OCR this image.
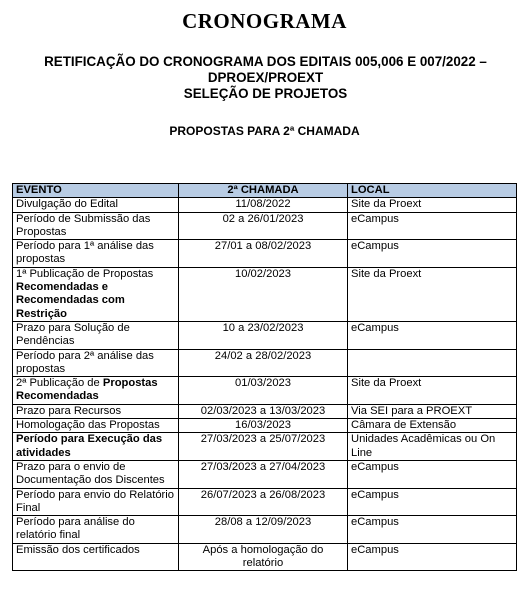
CRONOGRAMA
RETIFICAÇÃO DO CRONOGRAMA DOS EDITAIS 005,006 E 007/2022 –
DPROEX/PROEXT
SELEÇÃO DE PROJETOS
PROPOSTAS PARA 2ª CHAMADA
EVENTO	2ª CHAMADA	LOCAL
Divulgação do Edital	11/08/2022	Site da Proext
Período de Submissão das Propostas	02 a 26/01/2023	eCampus
Período para 1ª análise das propostas	27/01 a 08/02/2023	eCampus
1ª Publicação de Propostas Recomendadas e Recomendadas com Restrição	10/02/2023	Site da Proext
Prazo para Solução de Pendências	10 a 23/02/2023	eCampus
Período para 2ª análise das propostas	24/02 a 28/02/2023	
2ª Publicação de Propostas Recomendadas	01/03/2023	Site da Proext
Prazo para Recursos	02/03/2023 a 13/03/2023	Via SEI para a PROEXT
Homologação das Propostas	16/03/2023	Câmara de Extensão
Período para Execução das atividades	27/03/2023 a 25/07/2023	Unidades Acadêmicas ou On Line
Prazo para o envio de Documentação dos Discentes	27/03/2023 a 27/04/2023	eCampus
Período para envio do Relatório Final	26/07/2023 a 26/08/2023	eCampus
Período para análise do relatório final	28/08 a 12/09/2023	eCampus
Emissão dos certificados	Após a homologação do relatório	eCampus
